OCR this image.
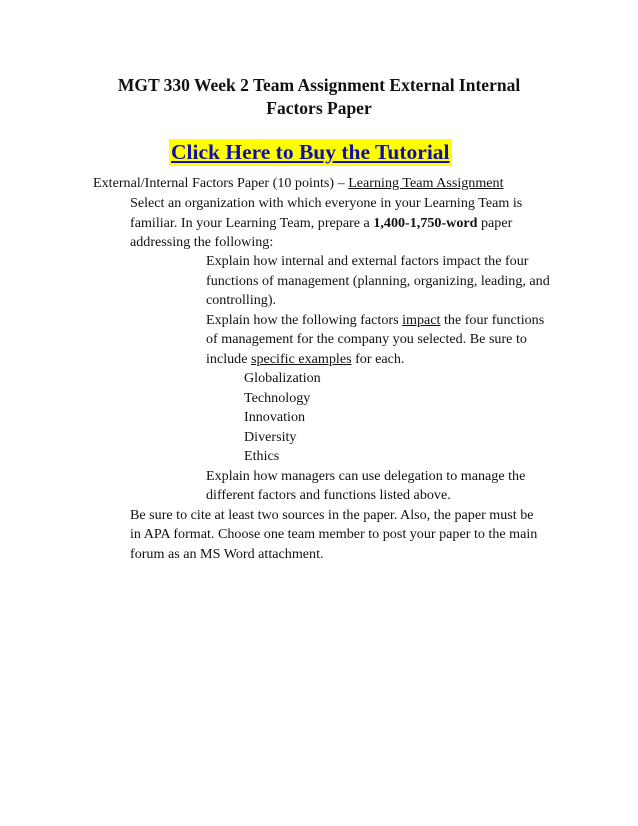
MGT 330 Week 2 Team Assignment External Internal
Factors Paper
Click Here to Buy the Tutorial
External/Internal Factors Paper (10 points) – Learning Team Assignment
Select an organization with which everyone in your Learning Team is
familiar. In your Learning Team, prepare a 1,400-1,750-word paper
addressing the following:
Explain how internal and external factors impact the four
functions of management (planning, organizing, leading, and
controlling).
Explain how the following factors impact the four functions
of management for the company you selected. Be sure to
include specific examples for each.
Globalization
Technology
Innovation
Diversity
Ethics
Explain how managers can use delegation to manage the
different factors and functions listed above.
Be sure to cite at least two sources in the paper. Also, the paper must be
in APA format. Choose one team member to post your paper to the main
forum as an MS Word attachment.
